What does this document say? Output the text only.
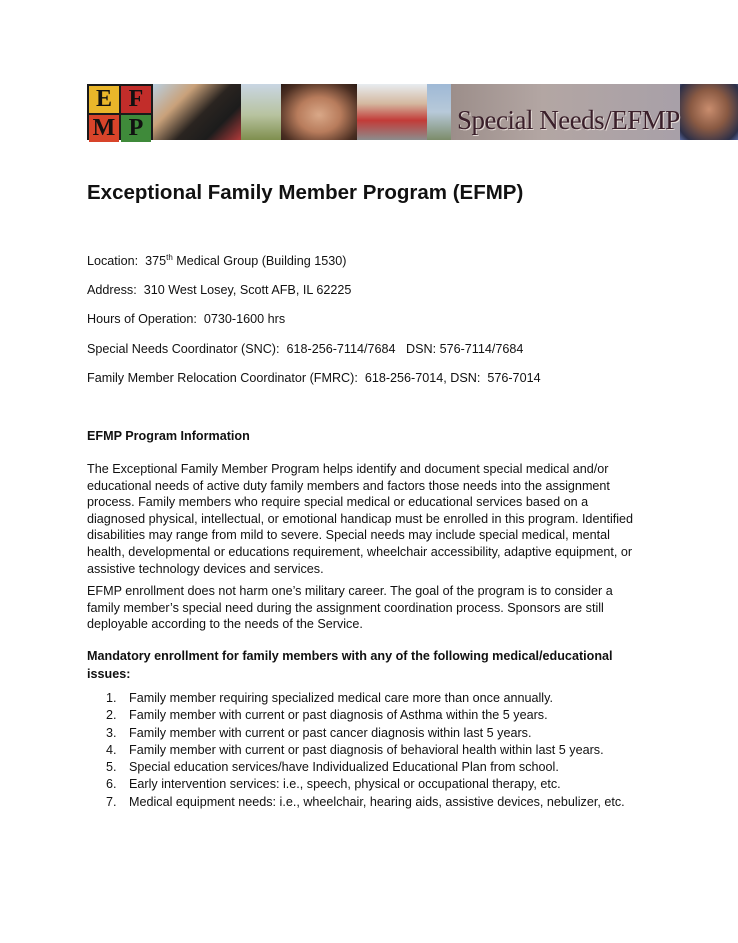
E F
M P	Special Needs/EFMP
Exceptional Family Member Program (EFMP)

Location: 375th Medical Group (Building 1530)

Address: 310 West Losey, Scott AFB, IL 62225

Hours of Operation: 0730-1600 hrs

Special Needs Coordinator (SNC): 618-256-7114/7684   DSN: 576-7114/7684

Family Member Relocation Coordinator (FMRC): 618-256-7014, DSN:  576-7014

EFMP Program Information

The Exceptional Family Member Program helps identify and document special medical and/or educational needs of active duty family members and factors those needs into the assignment process. Family members who require special medical or educational services based on a diagnosed physical, intellectual, or emotional handicap must be enrolled in this program. Identified disabilities may range from mild to severe. Special needs may include special medical, mental health, developmental or educations requirement, wheelchair accessibility, adaptive equipment, or assistive technology devices and services.

EFMP enrollment does not harm one’s military career. The goal of the program is to consider a family member’s special need during the assignment coordination process. Sponsors are still deployable according to the needs of the Service.

Mandatory enrollment for family members with any of the following medical/educational issues:

1. Family member requiring specialized medical care more than once annually.
2. Family member with current or past diagnosis of Asthma within the 5 years.
3. Family member with current or past cancer diagnosis within last 5 years.
4. Family member with current or past diagnosis of behavioral health within last 5 years.
5. Special education services/have Individualized Educational Plan from school.
6. Early intervention services: i.e., speech, physical or occupational therapy, etc.
7. Medical equipment needs: i.e., wheelchair, hearing aids, assistive devices, nebulizer, etc.
